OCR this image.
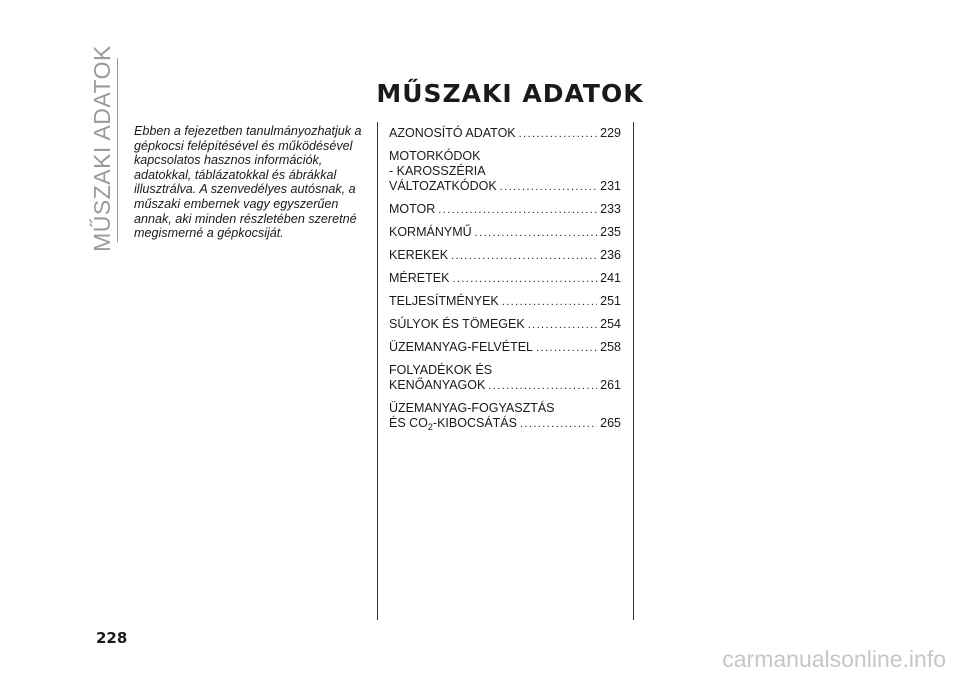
MŰSZAKI ADATOK	MŰSZAKI ADATOK

Ebben a fejezetben tanulmányozhatjuk a gépkocsi felépítésével és működésével kapcsolatos hasznos információk, adatokkal, táblázatokkal és ábrákkal illusztrálva. A szenvedélyes autósnak, a műszaki embernek vagy egyszerűen annak, aki minden részletében szeretné megismerné a gépkocsiját.

AZONOSÍTÓ ADATOK .....	229
MOTORKÓDOK
- KAROSSZÉRIA
VÁLTOZATKÓDOK .....	231
MOTOR .....	233
KORMÁNYMŰ .....	235
KEREKEK .....	236
MÉRETEK .....	241
TELJESÍTMÉNYEK .....	251
SÚLYOK ÉS TÖMEGEK .....	254
ÜZEMANYAG-FELVÉTEL .....	258
FOLYADÉKOK ÉS
KENŐANYAGOK .....	261
ÜZEMANYAG-FOGYASZTÁS
ÉS $CO_2$-KIBOCSÁTÁS .....	265
228
carmanualsonline.info
